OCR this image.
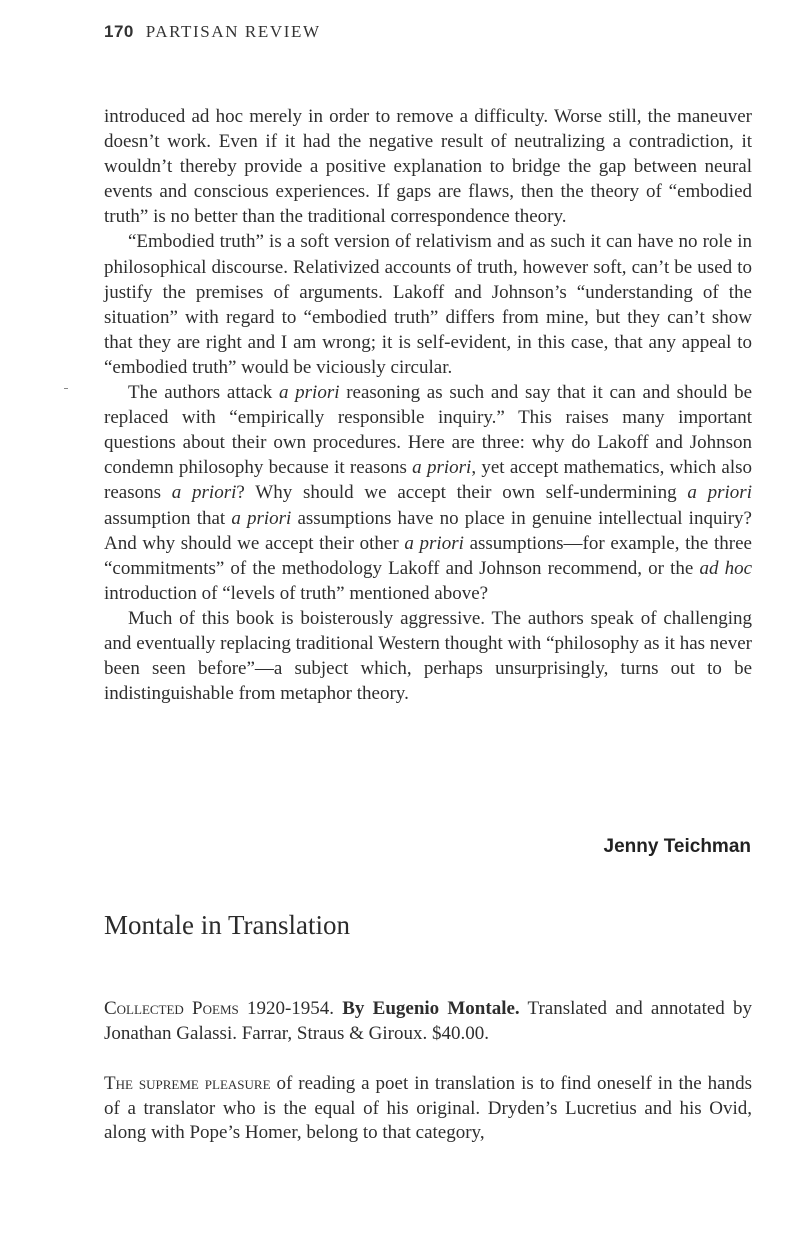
170 PARTISAN REVIEW

introduced ad hoc merely in order to remove a difficulty. Worse still, the maneuver doesn’t work. Even if it had the negative result of neutralizing a contradiction, it wouldn’t thereby provide a positive explanation to bridge the gap between neural events and conscious experiences. If gaps are flaws, then the theory of “embodied truth” is no better than the traditional correspondence theory.

“Embodied truth” is a soft version of relativism and as such it can have no role in philosophical discourse. Relativized accounts of truth, however soft, can’t be used to justify the premises of arguments. Lakoff and Johnson’s “understanding of the situation” with regard to “embodied truth” differs from mine, but they can’t show that they are right and I am wrong; it is self-evident, in this case, that any appeal to “embodied truth” would be viciously circular.

The authors attack a priori reasoning as such and say that it can and should be replaced with “empirically responsible inquiry.” This raises many important questions about their own procedures. Here are three: why do Lakoff and Johnson condemn philosophy because it reasons a priori, yet accept mathematics, which also reasons a priori? Why should we accept their own self-undermining a priori assumption that a priori assumptions have no place in genuine intellectual inquiry? And why should we accept their other a priori assumptions—for example, the three “commitments” of the methodology Lakoff and Johnson recommend, or the ad hoc introduction of “levels of truth” mentioned above?

Much of this book is boisterously aggressive. The authors speak of challenging and eventually replacing traditional Western thought with “philosophy as it has never been seen before”—a subject which, perhaps unsurprisingly, turns out to be indistinguishable from metaphor theory.

Jenny Teichman
Montale in Translation
Collected Poems 1920-1954. By Eugenio Montale. Translated and annotated by Jonathan Galassi. Farrar, Straus & Giroux. $40.00.
The supreme pleasure of reading a poet in translation is to find oneself in the hands of a translator who is the equal of his original. Dryden’s Lucretius and his Ovid, along with Pope’s Homer, belong to that category,
